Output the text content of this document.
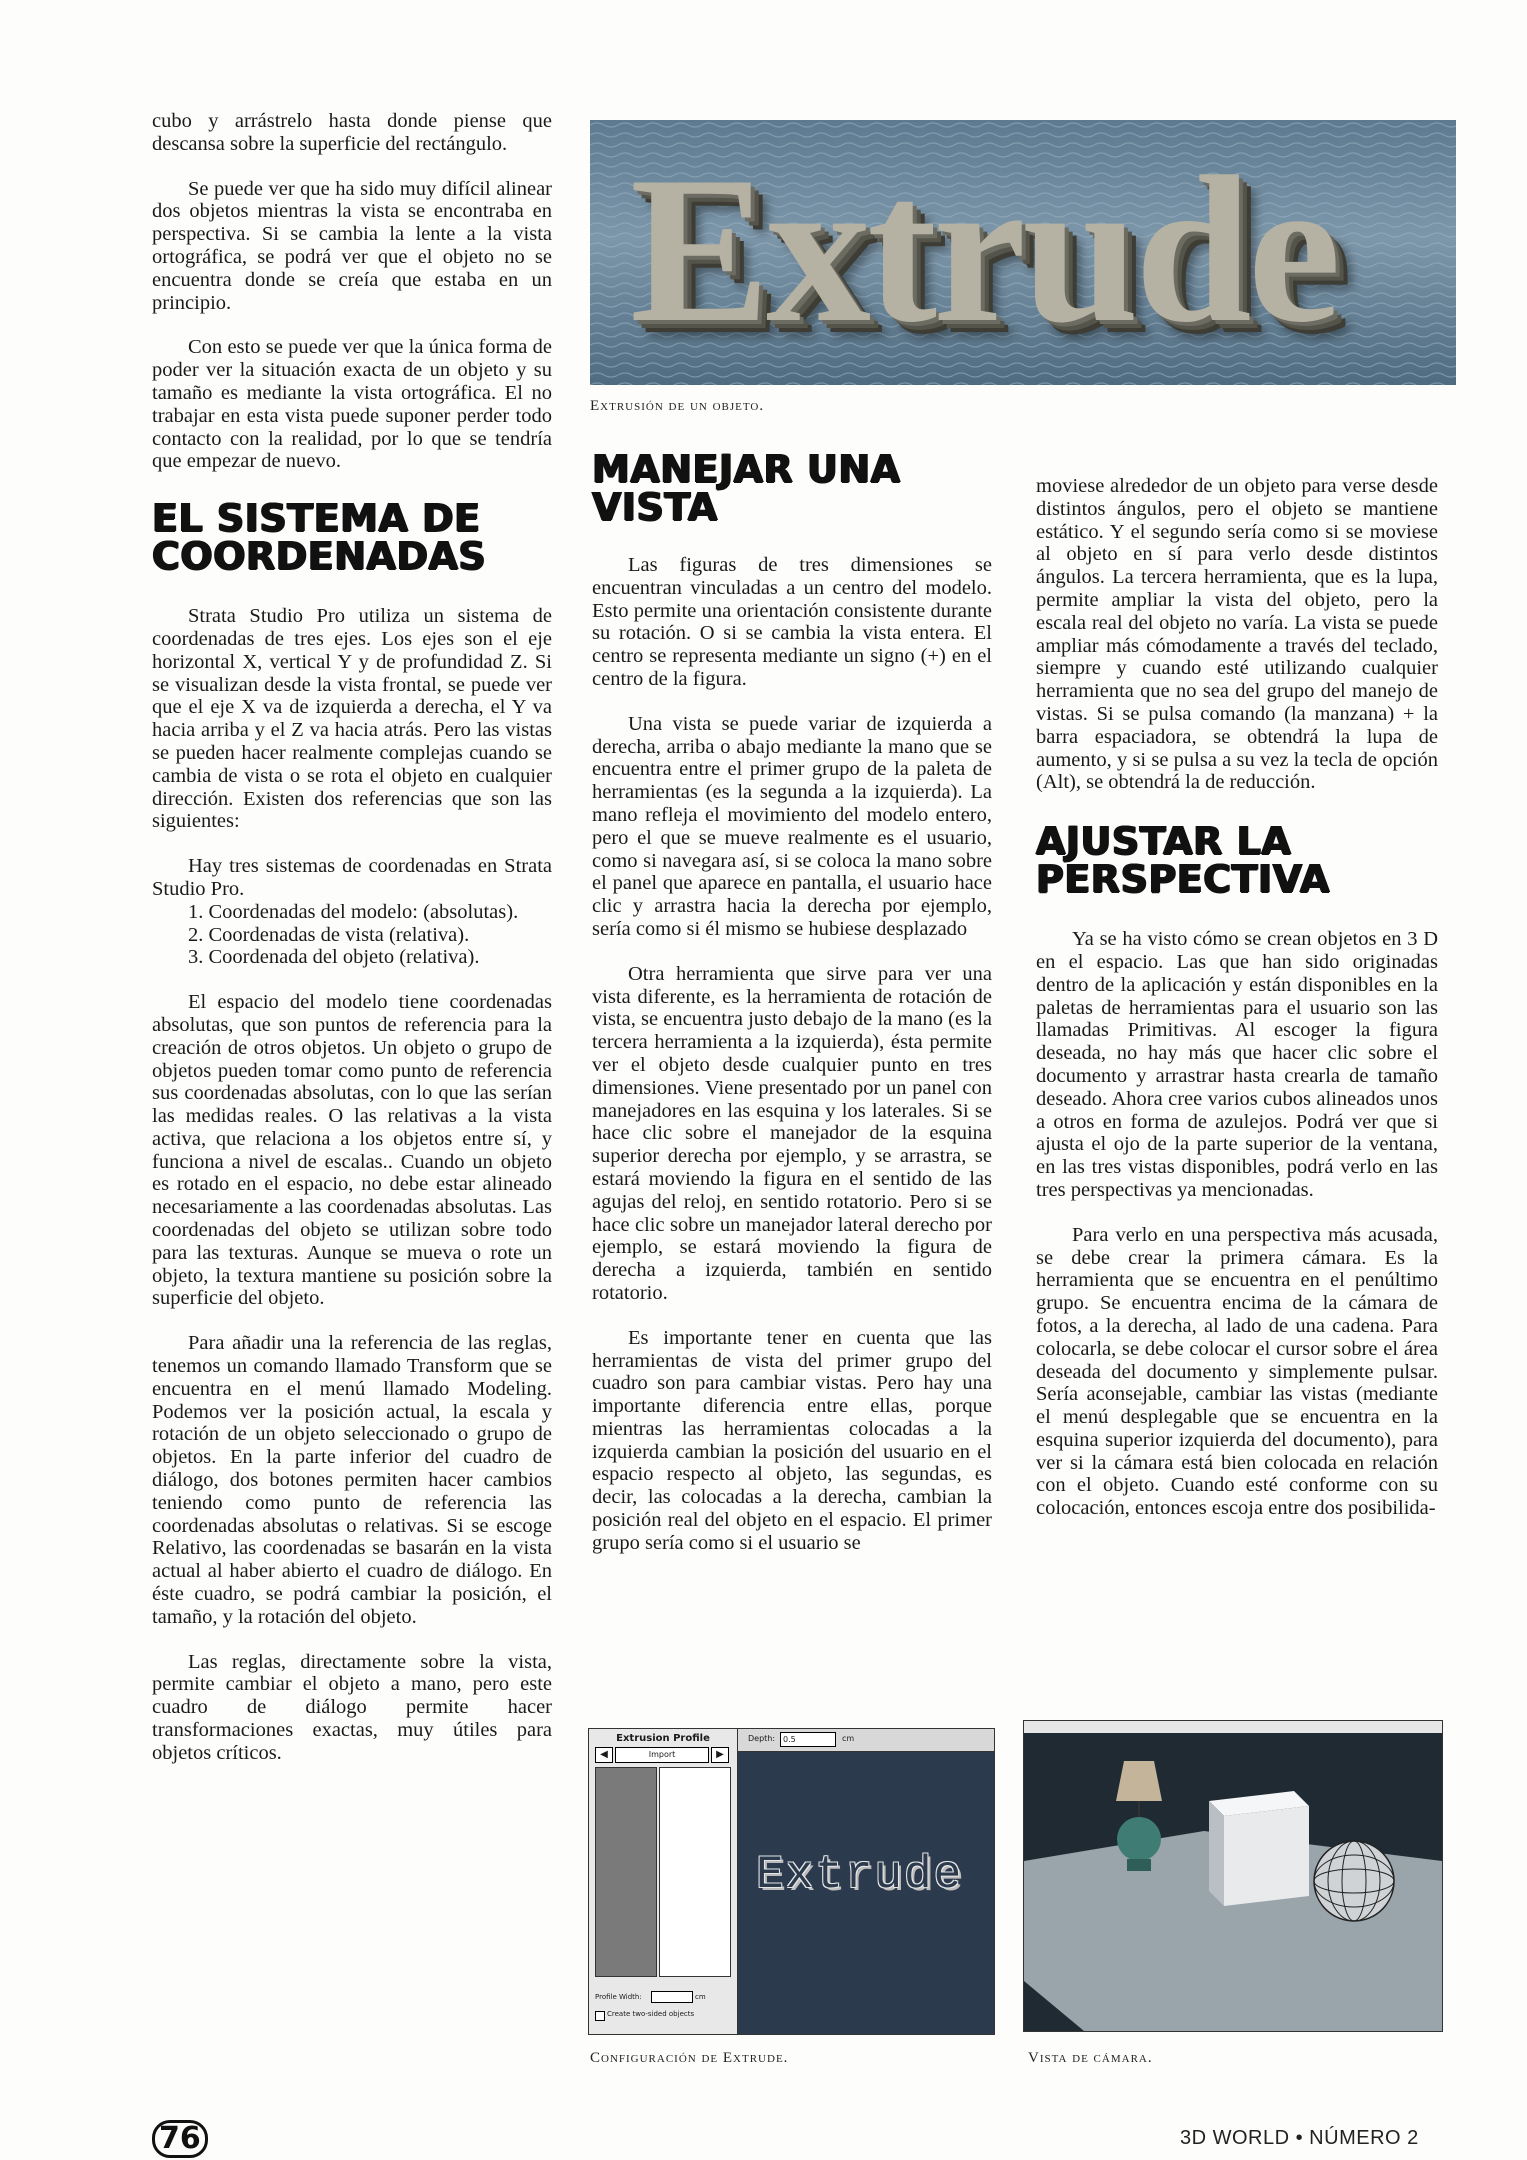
cubo y arrástrelo hasta donde piense que descansa sobre la superficie del rectángulo.

Se puede ver que ha sido muy difícil alinear dos objetos mientras la vista se encontraba en perspectiva. Si se cambia la lente a la vista ortográfica, se podrá ver que el objeto no se encuentra donde se creía que estaba en un principio.

Con esto se puede ver que la única forma de poder ver la situación exacta de un objeto y su tamaño es mediante la vista ortográfica. El no trabajar en esta vista puede suponer perder todo contacto con la realidad, por lo que se tendría que empezar de nuevo.

EL SISTEMA DE
COORDENADAS

Strata Studio Pro utiliza un sistema de coordenadas de tres ejes. Los ejes son el eje horizontal X, vertical Y y de profundidad Z. Si se visualizan desde la vista frontal, se puede ver que el eje X va de izquierda a derecha, el Y va hacia arriba y el Z va hacia atrás. Pero las vistas se pueden hacer realmente complejas cuando se cambia de vista o se rota el objeto en cualquier dirección. Existen dos referencias que son las siguientes:

Hay tres sistemas de coordenadas en Strata Studio Pro.

1. Coordenadas del modelo: (absolutas).
2. Coordenadas de vista (relativa).
3. Coordenada del objeto (relativa).

El espacio del modelo tiene coordenadas absolutas, que son puntos de referencia para la creación de otros objetos. Un objeto o grupo de objetos pueden tomar como punto de referencia sus coordenadas absolutas, con lo que las serían las medidas reales. O las relativas a la vista activa, que relaciona a los objetos entre sí, y funciona a nivel de escalas.. Cuando un objeto es rotado en el espacio, no debe estar alineado necesariamente a las coordenadas absolutas. Las coordenadas del objeto se utilizan sobre todo para las texturas. Aunque se mueva o rote un objeto, la textura mantiene su posición sobre la superficie del objeto.

Para añadir una la referencia de las reglas, tenemos un comando llamado Transform que se encuentra en el menú llamado Modeling. Podemos ver la posición actual, la escala y rotación de un objeto seleccionado o grupo de objetos. En la parte inferior del cuadro de diálogo, dos botones permiten hacer cambios teniendo como punto de referencia las coordenadas absolutas o relativas. Si se escoge Relativo, las coordenadas se basarán en la vista actual al haber abierto el cuadro de diálogo. En éste cuadro, se podrá cambiar la posición, el tamaño, y la rotación del objeto.

Las reglas, directamente sobre la vista, permite cambiar el objeto a mano, pero este cuadro de diálogo permite hacer transformaciones exactas, muy útiles para objetos críticos.

Extrude
Extrusión de un objeto.
MANEJAR UNA
VISTA

Las figuras de tres dimensiones se encuentran vinculadas a un centro del modelo. Esto permite una orientación consistente durante su rotación. O si se cambia la vista entera. El centro se representa mediante un signo (+) en el centro de la figura.

Una vista se puede variar de izquierda a derecha, arriba o abajo mediante la mano que se encuentra entre el primer grupo de la paleta de herramientas (es la segunda a la izquierda). La mano refleja el movimiento del modelo entero, pero el que se mueve realmente es el usuario, como si navegara así, si se coloca la mano sobre el panel que aparece en pantalla, el usuario hace clic y arrastra hacia la derecha por ejemplo, sería como si él mismo se hubiese desplazado

Otra herramienta que sirve para ver una vista diferente, es la herramienta de rotación de vista, se encuentra justo debajo de la mano (es la tercera herramienta a la izquierda), ésta permite ver el objeto desde cualquier punto en tres dimensiones. Viene presentado por un panel con manejadores en las esquina y los laterales. Si se hace clic sobre el manejador de la esquina superior derecha por ejemplo, y se arrastra, se estará moviendo la figura en el sentido de las agujas del reloj, en sentido rotatorio. Pero si se hace clic sobre un manejador lateral derecho por ejemplo, se estará moviendo la figura de derecha a izquierda, también en sentido rotatorio.

Es importante tener en cuenta que las herramientas de vista del primer grupo del cuadro son para cambiar vistas. Pero hay una importante diferencia entre ellas, porque mientras las herramientas colocadas a la izquierda cambian la posición del usuario en el espacio respecto al objeto, las segundas, es decir, las colocadas a la derecha, cambian la posición real del objeto en el espacio. El primer grupo sería como si el usuario se

moviese alrededor de un objeto para verse desde distintos ángulos, pero el objeto se mantiene estático. Y el segundo sería como si se moviese al objeto en sí para verlo desde distintos ángulos. La tercera herramienta, que es la lupa, permite ampliar la vista del objeto, pero la escala real del objeto no varía. La vista se puede ampliar más cómodamente a través del teclado, siempre y cuando esté utilizando cualquier herramienta que no sea del grupo del manejo de vistas. Si se pulsa comando (la manzana) + la barra espaciadora, se obtendrá la lupa de aumento, y si se pulsa a su vez la tecla de opción (Alt), se obtendrá la de reducción.

AJUSTAR LA
PERSPECTIVA

Ya se ha visto cómo se crean objetos en 3 D en el espacio. Las que han sido originadas dentro de la aplicación y están disponibles en la paletas de herramientas para el usuario son las llamadas Primitivas. Al escoger la figura deseada, no hay más que hacer clic sobre el documento y arrastrar hasta crearla de tamaño deseado. Ahora cree varios cubos alineados unos a otros en forma de azulejos. Podrá ver que si ajusta el ojo de la parte superior de la ventana, en las tres vistas disponibles, podrá verlo en las tres perspectivas ya mencionadas.

Para verlo en una perspectiva más acusada, se debe crear la primera cámara. Es la herramienta que se encuentra en el penúltimo grupo. Se encuentra encima de la cámara de fotos, a la derecha, al lado de una cadena. Para colocarla, se debe colocar el cursor sobre el área deseada del documento y simplemente pulsar. Sería aconsejable, cambiar las vistas (mediante el menú desplegable que se encuentra en la esquina superior izquierda del documento), para ver si la cámara está bien colocada en relación con el objeto. Cuando esté conforme con su colocación, entonces escoja entre dos posibilida-

Extrusion Profile
◀	Import	▶
Profile Width:	cm
Create two-sided objects
Depth: 0.5	cm
Extrude
Configuración de Extrude.	Vista de cámara.
76	3D WORLD • NÚMERO 2
